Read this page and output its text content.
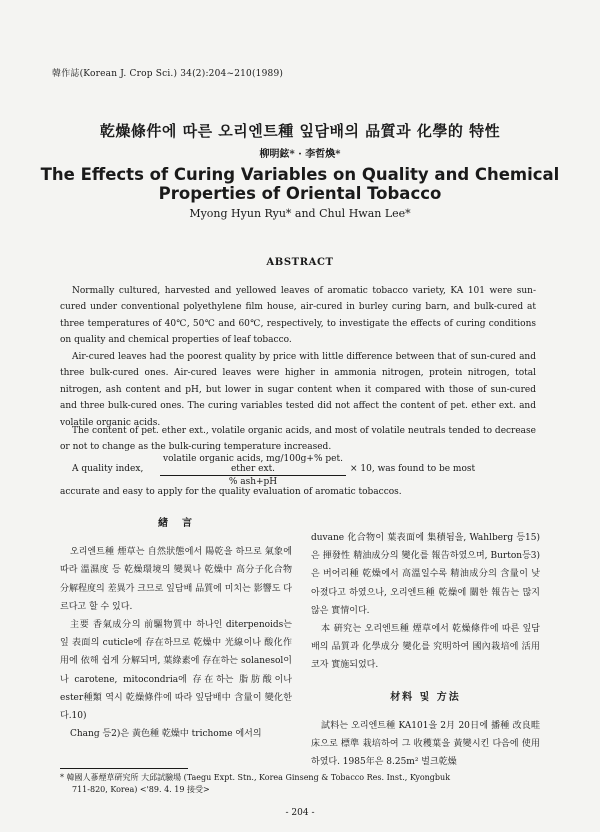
韓作誌(Korean J. Crop Sci.) 34(2):204~210(1989)
乾燥條件에 따른 오리엔트種 잎담배의 品質과 化學的 特性
柳明鉉* · 李哲煥*
The Effects of Curing Variables on Quality and Chemical
Properties of Oriental Tobacco
Myong Hyun Ryu* and Chul Hwan Lee*
ABSTRACT

Normally cultured, harvested and yellowed leaves of aromatic tobacco variety, KA 101 were sun-cured under conventional polyethylene film house, air-cured in burley curing barn, and bulk-cured at three temperatures of 40℃, 50℃ and 60℃, respectively, to investigate the effects of curing conditions on quality and chemical properties of leaf tobacco.

Air-cured leaves had the poorest quality by price with little difference between that of sun-cured and three bulk-cured ones. Air-cured leaves were higher in ammonia nitrogen, protein nitrogen, total nitrogen, ash content and pH, but lower in sugar content when it compared with those of sun-cured and three bulk-cured ones. The curing variables tested did not affect the content of pet. ether ext. and volatile organic acids.

The content of pet. ether ext., volatile organic acids, and most of volatile neutrals tended to decrease or not to change as the bulk-curing temperature increased.

A quality index,
volatile organic acids, mg/100g+% pet. ether ext.
% ash+pH
× 10, was found to be most

accurate and easy to apply for the quality evaluation of aromatic tobaccos.

緖　言

오리엔트種 煙草는 自然狀態에서 陽乾을 하므로 氣象에 따라 溫濕度 등 乾燥環境의 變異나 乾燥中 高分子化合物 分解程度의 差異가 크므로 잎담배 品質에 미치는 影響도 다르다고 할 수 있다.

主要 香氣成分의 前驅物質中 하나인 diterpenoids는 잎 表面의 cuticle에 存在하므로 乾燥中 光線이나 酸化作用에 依해 쉽게 分解되며, 葉綠素에 存在하는 solanesol이나 carotene, mitocondria에 存在하는 脂肪酸이나 ester種類 역시 乾燥條件에 따라 잎담배中 含量이 變化한다.10)

Chang 등2)은 黃色種 乾燥中 trichome 에서의

duvane 化合物이 葉表面에 集積됨을, Wahlberg 등15)은 揮發性 精油成分의 變化를 報告하였으며, Burton등3)은 버어리種 乾燥에서 高溫일수록 精油成分의 含量이 낮아졌다고 하였으나, 오리엔트種 乾燥에 關한 報告는 많지 않은 實情이다.

本 硏究는 오리엔트種 煙草에서 乾燥條件에 따른 잎담배의 品質과 化學成分 變化를 究明하여 國內栽培에 活用코자 實施되었다.

材料 및 方法

試料는 오리엔트種 KA101을 2月 20日에 播種 改良畦床으로 標準 栽培하여 그 收穫葉을 黃變시킨 다음에 使用하였다. 1985年은 8.25m² 벌크乾燥

* 韓國人蔘煙草硏究所 大邱試驗場 (Taegu Expt. Stn., Korea Ginseng & Tobacco Res. Inst., Kyongbuk
711-820, Korea) <'89. 4. 19 接受>
- 204 -
